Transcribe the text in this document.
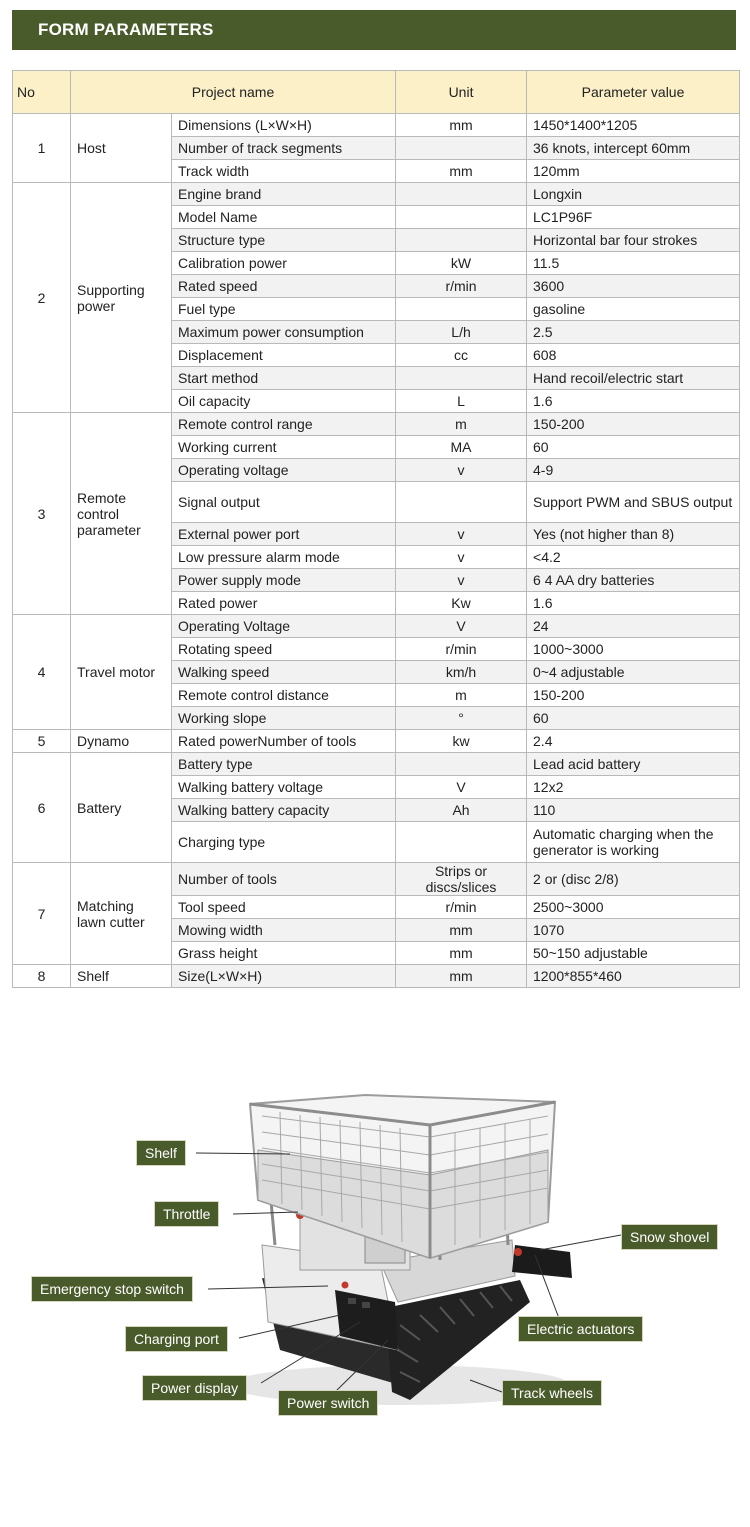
FORM PARAMETERS
No	Project name		Unit	Parameter value
1	Host	Dimensions (L×W×H)	mm	1450*1400*1205
		Number of track segments		36 knots, intercept 60mm
		Track width	mm	120mm
2	Supporting power	Engine brand		Longxin
		Model Name		LC1P96F
		Structure type		Horizontal bar four strokes
		Calibration power	kW	11.5
		Rated speed	r/min	3600
		Fuel type		gasoline
		Maximum power consumption	L/h	2.5
		Displacement	cc	608
		Start method		Hand recoil/electric start
		Oil capacity	L	1.6
3	Remote control parameter	Remote control range	m	150-200
		Working current	MA	60
		Operating voltage	v	4-9
		Signal output		Support PWM and SBUS output
		External power port	v	Yes (not higher than 8)
		Low pressure alarm mode	v	<4.2
		Power supply mode	v	6 4 AA dry batteries
		Rated power	Kw	1.6
4	Travel motor	Operating Voltage	V	24
		Rotating speed	r/min	1000~3000
		Walking speed	km/h	0~4 adjustable
		Remote control distance	m	150-200
		Working slope	°	60
5	Dynamo	Rated powerNumber of tools	kw	2.4
6	Battery	Battery type		Lead acid battery
		Walking battery voltage	V	12x2
		Walking battery capacity	Ah	110
		Charging type		Automatic charging when the generator is working
7	Matching lawn cutter	Number of tools	Strips or discs/slices	2 or (disc 2/8)
		Tool speed	r/min	2500~3000
		Mowing width	mm	1070
		Grass height	mm	50~150 adjustable
8	Shelf	Size(L×W×H)	mm	1200*855*460
Shelf
Throttle
Emergency stop switch
Charging port
Power display
Power switch
Snow shovel
Electric actuators
Track wheels
